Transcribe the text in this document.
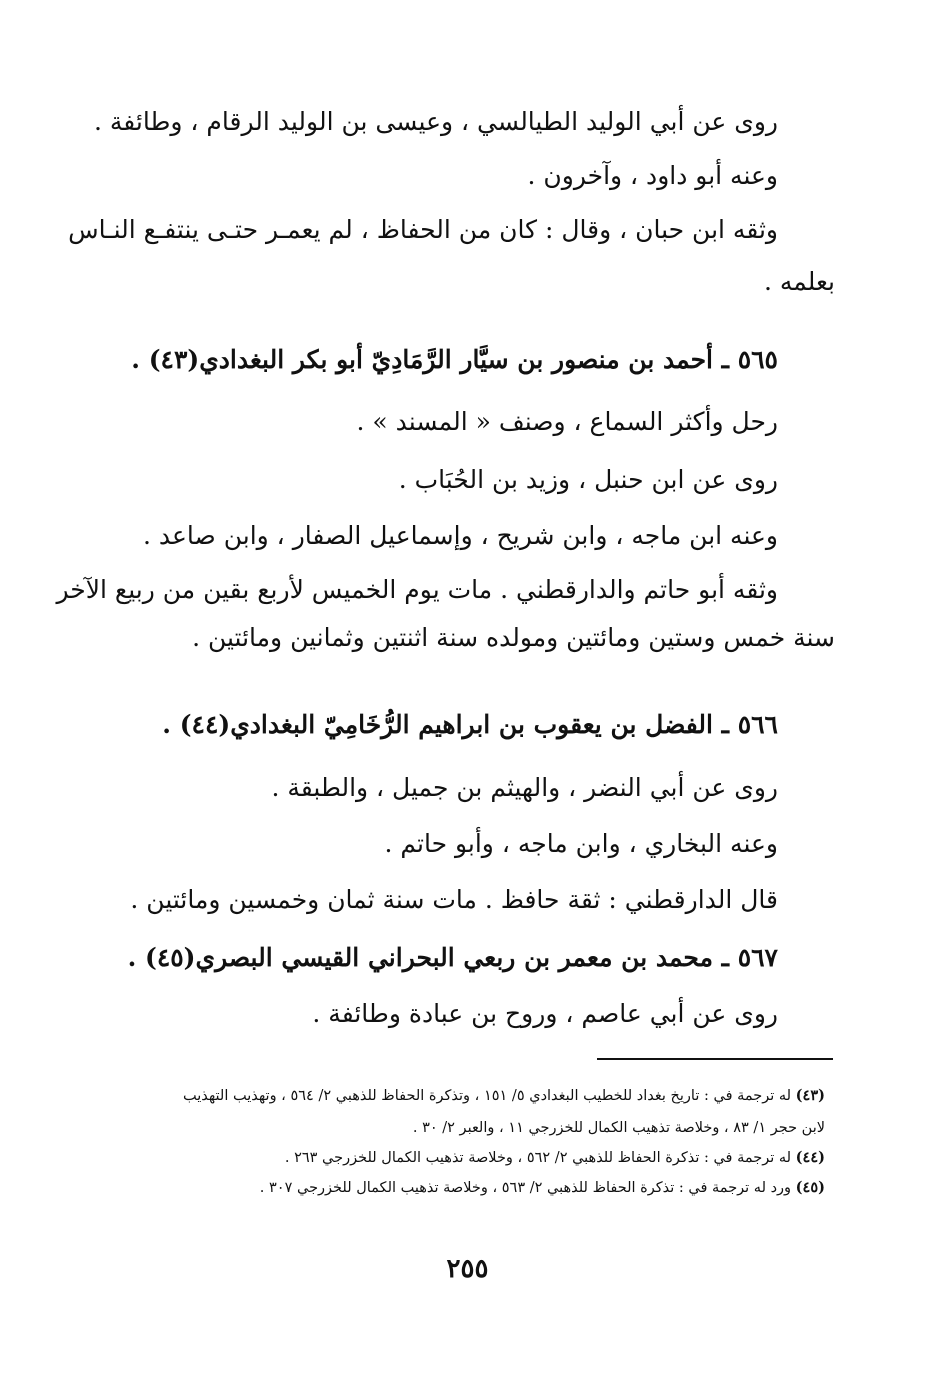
روى عن أبي الوليد الطيالسي ، وعيسى بن الوليد الرقام ، وطائفة .
وعنه أبو داود ، وآخرون .
وثقه ابن حبان ، وقال : كان من الحفاظ ، لم يعمـر حتـى ينتفـع النـاس
بعلمه .
٥٦٥ ـ أحمد بن منصور بن سيَّار الرَّمَادِيّ أبو بكر البغدادي(٤٣) .
رحل وأكثر السماع ، وصنف « المسند » .
روى عن ابن حنبل ، وزيد بن الحُبَاب .
وعنه ابن ماجه ، وابن شريح ، وإسماعيل الصفار ، وابن صاعد .
وثقه أبو حاتم والدارقطني . مات يوم الخميس لأربع بقين من ربيع الآخر
سنة خمس وستين ومائتين ومولده سنة اثنتين وثمانين ومائتين .
٥٦٦ ـ الفضل بن يعقوب بن ابراهيم الرُّخَامِيّ البغدادي(٤٤) .
روى عن أبي النضر ، والهيثم بن جميل ، والطبقة .
وعنه البخاري ، وابن ماجه ، وأبو حاتم .
قال الدارقطني : ثقة حافظ . مات سنة ثمان وخمسين ومائتين .
٥٦٧ ـ محمد بن معمر بن ربعي البحراني القيسي البصري(٤٥) .
روى عن أبي عاصم ، وروح بن عبادة وطائفة .
(٤٣) له ترجمة في : تاريخ بغداد للخطيب البغدادي ٥/ ١٥١ ، وتذكرة الحفاظ للذهبي ٢/ ٥٦٤ ، وتهذيب التهذيب
لابن حجر ١/ ٨٣ ، وخلاصة تذهيب الكمال للخزرجي ١١ ، والعبر ٢/ ٣٠ .
(٤٤) له ترجمة في : تذكرة الحفاظ للذهبي ٢/ ٥٦٢ ، وخلاصة تذهيب الكمال للخزرجي ٢٦٣ .
(٤٥) ورد له ترجمة في : تذكرة الحفاظ للذهبي ٢/ ٥٦٣ ، وخلاصة تذهيب الكمال للخزرجي ٣٠٧ .
٢٥٥
